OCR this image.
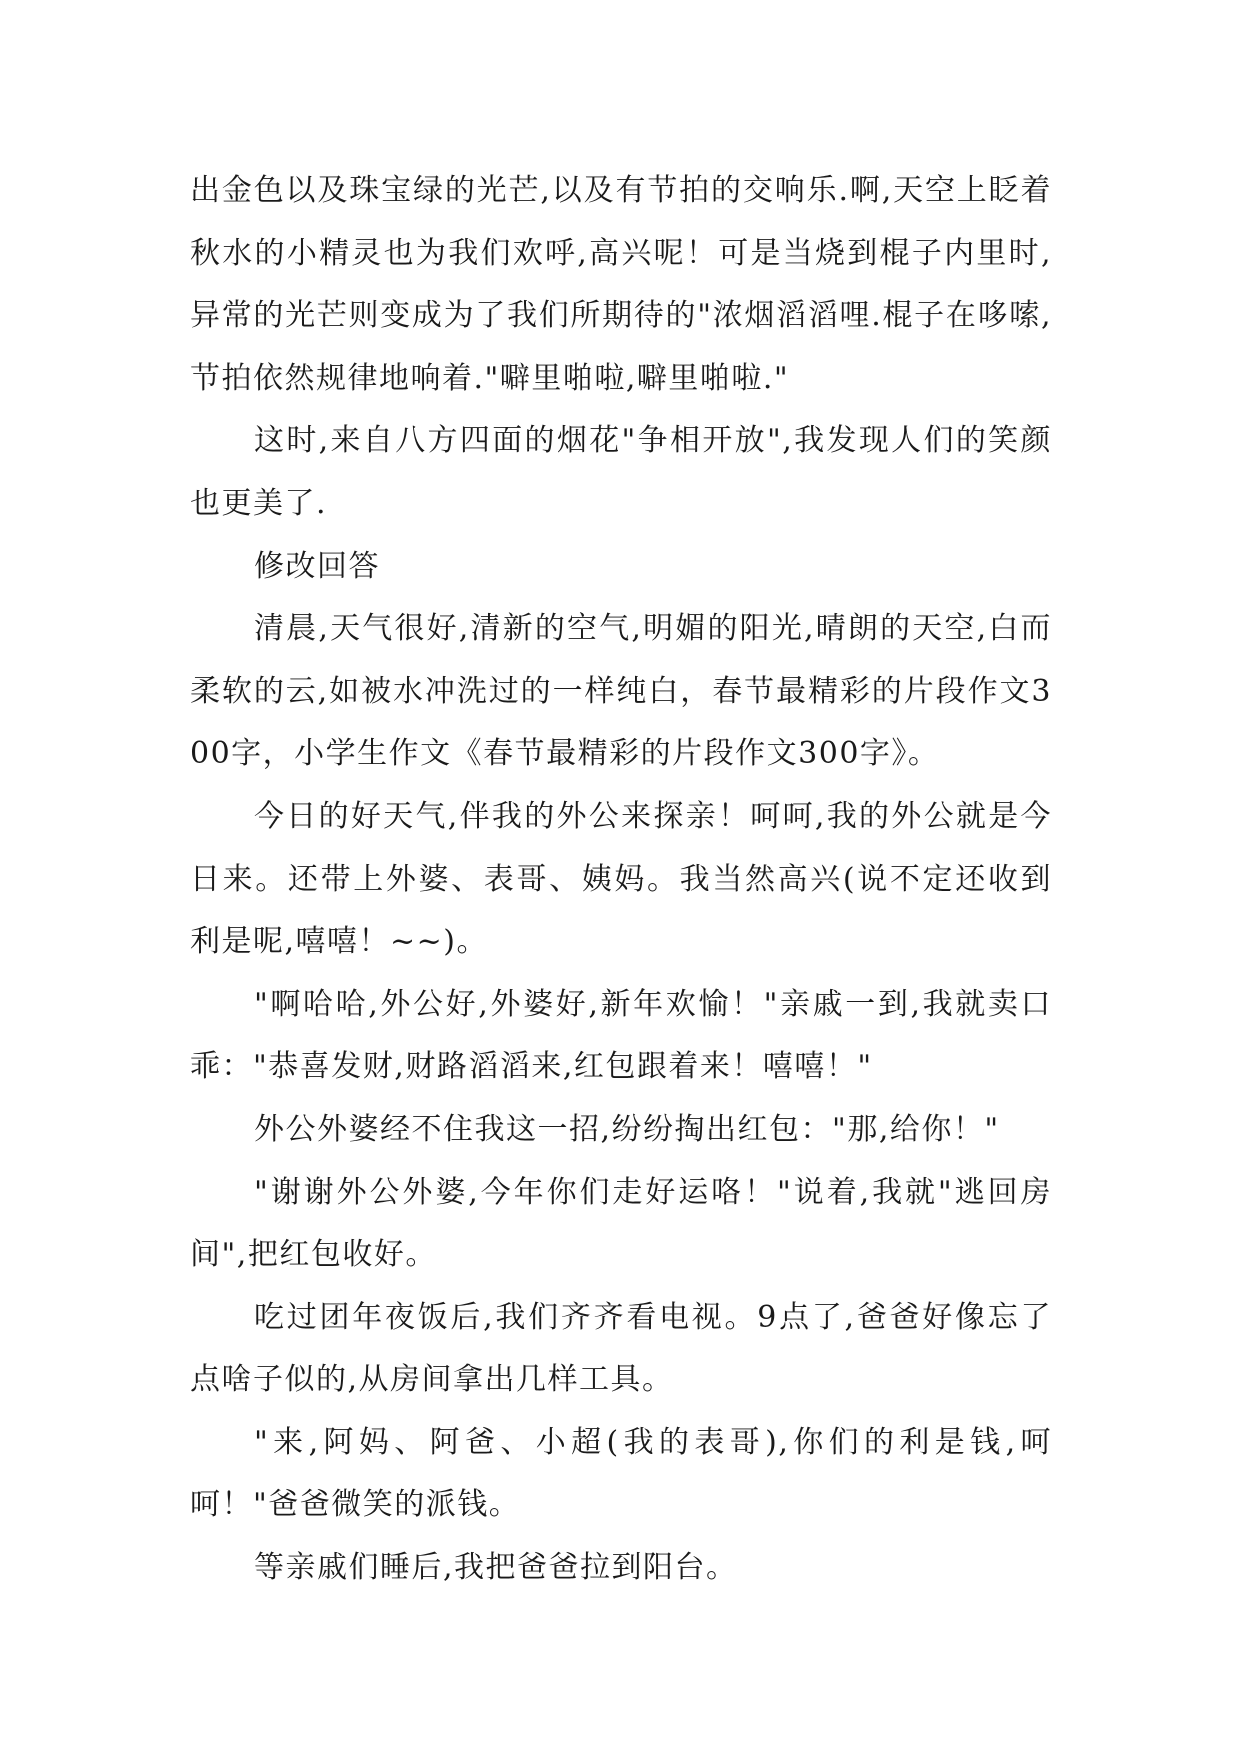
出金色以及珠宝绿的光芒,以及有节拍的交响乐.啊,天空上眨着秋水的小精灵也为我们欢呼,高兴呢！可是当烧到棍子内里时,异常的光芒则变成为了我们所期待的"浓烟滔滔哩.棍子在哆嗦,节拍依然规律地响着."噼里啪啦,噼里啪啦."

这时,来自八方四面的烟花"争相开放",我发现人们的笑颜也更美了.

修改回答

清晨,天气很好,清新的空气,明媚的阳光,晴朗的天空,白而柔软的云,如被水冲洗过的一样纯白，春节最精彩的片段作文300字，小学生作文《春节最精彩的片段作文300字》。

今日的好天气,伴我的外公来探亲！呵呵,我的外公就是今日来。还带上外婆、表哥、姨妈。我当然高兴(说不定还收到利是呢,嘻嘻！~~)。

"啊哈哈,外公好,外婆好,新年欢愉！"亲戚一到,我就卖口乖："恭喜发财,财路滔滔来,红包跟着来！嘻嘻！"

外公外婆经不住我这一招,纷纷掏出红包："那,给你！"

"谢谢外公外婆,今年你们走好运咯！"说着,我就"逃回房间",把红包收好。

吃过团年夜饭后,我们齐齐看电视。9点了,爸爸好像忘了点啥子似的,从房间拿出几样工具。

"来,阿妈、阿爸、小超(我的表哥),你们的利是钱,呵呵！"爸爸微笑的派钱。

等亲戚们睡后,我把爸爸拉到阳台。
